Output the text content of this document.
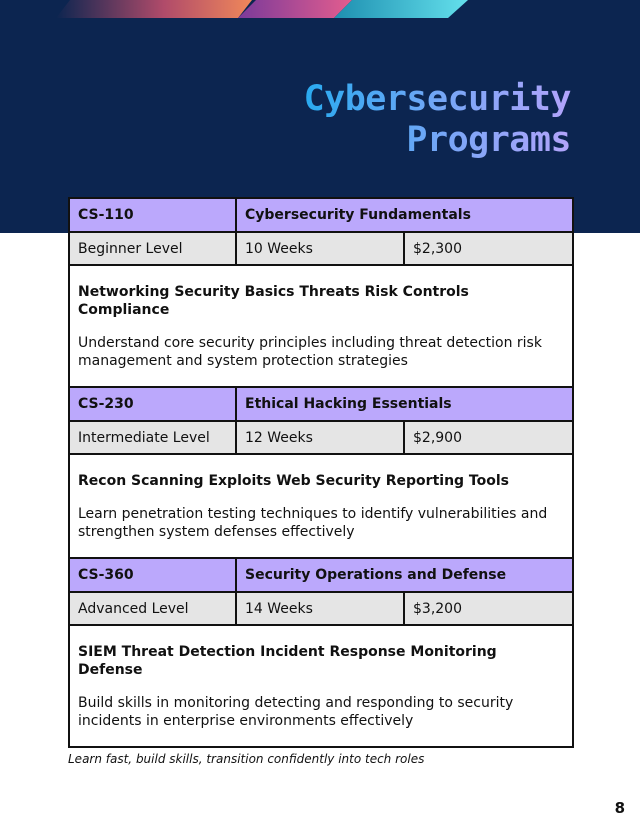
Cybersecurity
Programs
CS-110	Cybersecurity Fundamentals	
Beginner Level	10 Weeks	$2,300

Networking Security Basics Threats Risk Controls Compliance

Understand core security principles including threat detection risk management and system protection strategies		

CS-230	Ethical Hacking Essentials	
Intermediate Level	12 Weeks	$2,900

Recon Scanning Exploits Web Security Reporting Tools

Learn penetration testing techniques to identify vulnerabilities and strengthen system defenses effectively		

CS-360	Security Operations and Defense	
Advanced Level	14 Weeks	$3,200

SIEM Threat Detection Incident Response Monitoring Defense

Build skills in monitoring detecting and responding to security incidents in enterprise environments effectively		

Learn fast, build skills, transition confidently into tech roles

8
